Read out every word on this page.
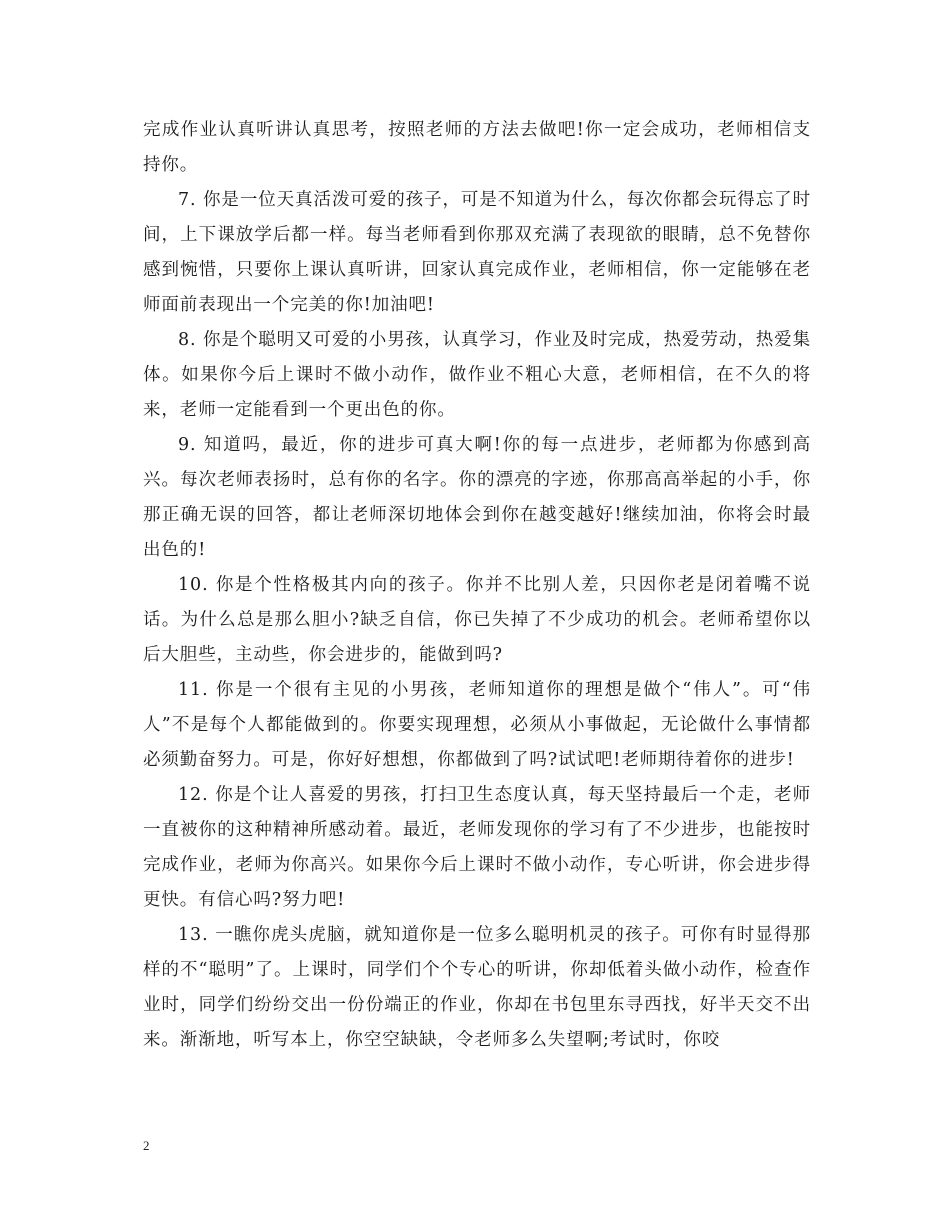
完成作业认真听讲认真思考，按照老师的方法去做吧!你一定会成功，老师相信支持你。

7. 你是一位天真活泼可爱的孩子，可是不知道为什么，每次你都会玩得忘了时间，上下课放学后都一样。每当老师看到你那双充满了表现欲的眼睛，总不免替你感到惋惜，只要你上课认真听讲，回家认真完成作业，老师相信，你一定能够在老师面前表现出一个完美的你!加油吧!

8. 你是个聪明又可爱的小男孩，认真学习，作业及时完成，热爱劳动，热爱集体。如果你今后上课时不做小动作，做作业不粗心大意，老师相信，在不久的将来，老师一定能看到一个更出色的你。

9. 知道吗，最近，你的进步可真大啊!你的每一点进步，老师都为你感到高兴。每次老师表扬时，总有你的名字。你的漂亮的字迹，你那高高举起的小手，你那正确无误的回答，都让老师深切地体会到你在越变越好!继续加油，你将会时最出色的!

10. 你是个性格极其内向的孩子。你并不比别人差，只因你老是闭着嘴不说话。为什么总是那么胆小?缺乏自信，你已失掉了不少成功的机会。老师希望你以后大胆些，主动些，你会进步的，能做到吗?

11. 你是一个很有主见的小男孩，老师知道你的理想是做个“伟人”。可“伟人”不是每个人都能做到的。你要实现理想，必须从小事做起，无论做什么事情都必须勤奋努力。可是，你好好想想，你都做到了吗?试试吧!老师期待着你的进步!

12. 你是个让人喜爱的男孩，打扫卫生态度认真，每天坚持最后一个走，老师一直被你的这种精神所感动着。最近，老师发现你的学习有了不少进步，也能按时完成作业，老师为你高兴。如果你今后上课时不做小动作，专心听讲，你会进步得更快。有信心吗?努力吧!

13. 一瞧你虎头虎脑，就知道你是一位多么聪明机灵的孩子。可你有时显得那样的不“聪明”了。上课时，同学们个个专心的听讲，你却低着头做小动作，检查作业时，同学们纷纷交出一份份端正的作业，你却在书包里东寻西找，好半天交不出来。渐渐地，听写本上，你空空缺缺，令老师多么失望啊;考试时，你咬

2
